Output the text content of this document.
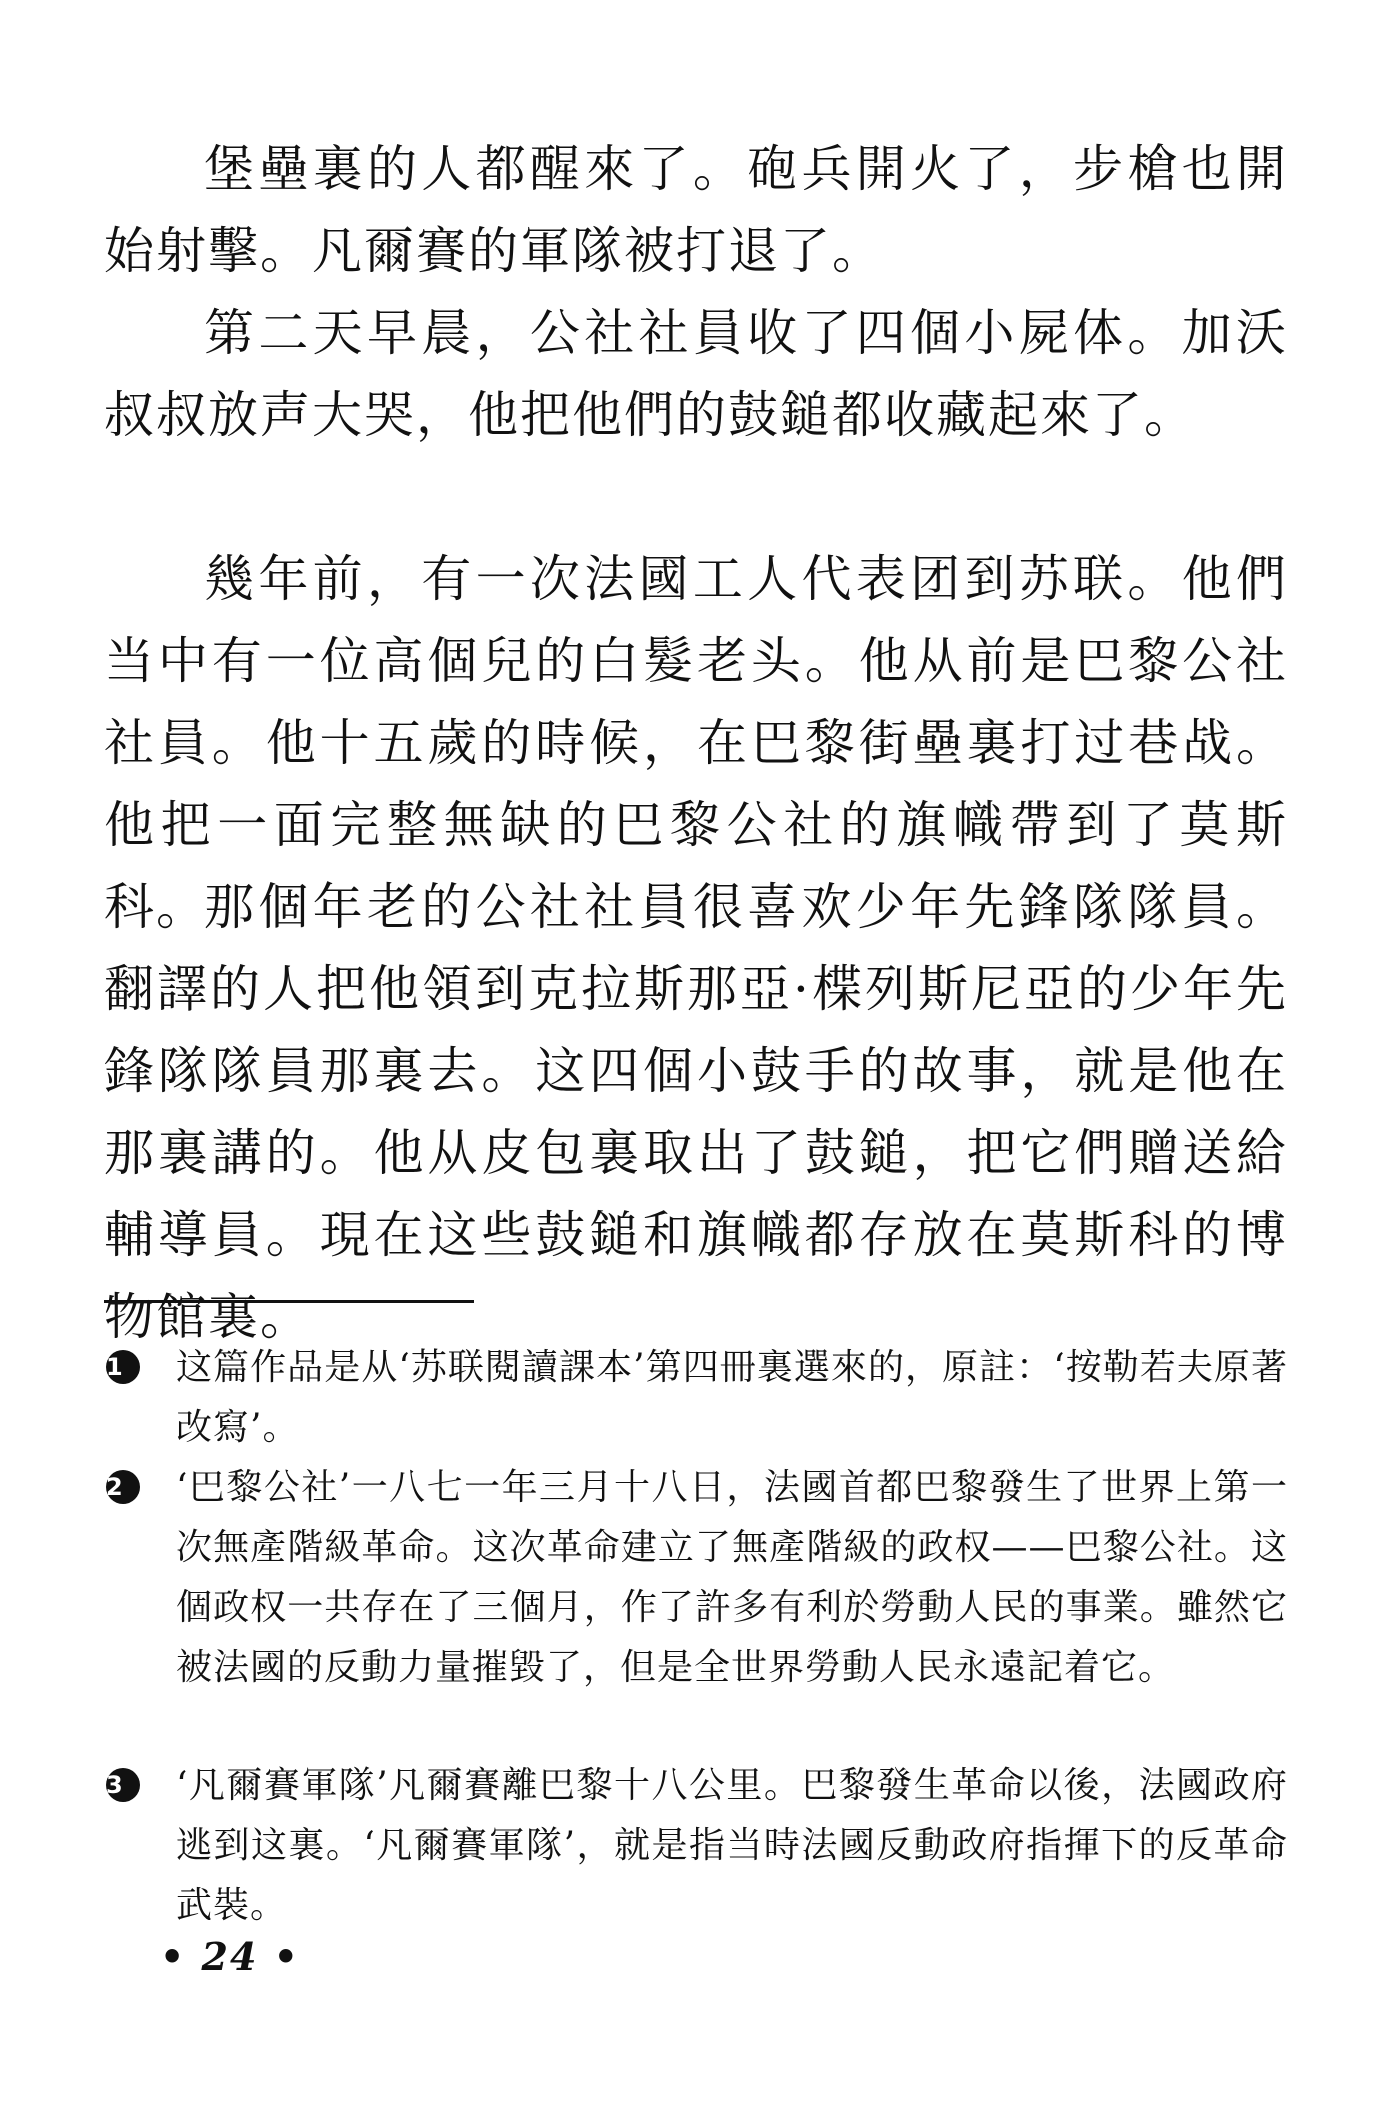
堡壘裏的人都醒來了。砲兵開火了，步槍也開始射擊。凡爾賽的軍隊被打退了。

第二天早晨，公社社員收了四個小屍体。加沃叔叔放声大哭，他把他們的鼓鎚都收藏起來了。

幾年前，有一次法國工人代表团到苏联。他們当中有一位高個兒的白髮老头。他从前是巴黎公社社員。他十五歲的時候，在巴黎街壘裏打过巷战。他把一面完整無缺的巴黎公社的旗幟帶到了莫斯科。

那個年老的公社社員很喜欢少年先鋒隊隊員。翻譯的人把他領到克拉斯那亞·楪列斯尼亞的少年先鋒隊隊員那裏去。这四個小鼓手的故事，就是他在那裏講的。他从皮包裏取出了鼓鎚，把它們贈送給輔導員。現在这些鼓鎚和旗幟都存放在莫斯科的博物館裏。

1	这篇作品是从‘苏联閱讀課本’第四冊裏選來的，原註：‘按勒若夫原著改寫’。
2	‘巴黎公社’一八七一年三月十八日，法國首都巴黎發生了世界上第一次無產階級革命。这次革命建立了無產階級的政权——巴黎公社。这個政权一共存在了三個月，作了許多有利於勞動人民的事業。雖然它被法國的反動力量摧毀了，但是全世界勞動人民永遠記着它。
3	‘凡爾賽軍隊’凡爾賽離巴黎十八公里。巴黎發生革命以後，法國政府逃到这裏。‘凡爾賽軍隊’，就是指当時法國反動政府指揮下的反革命武裝。
• 24 •
